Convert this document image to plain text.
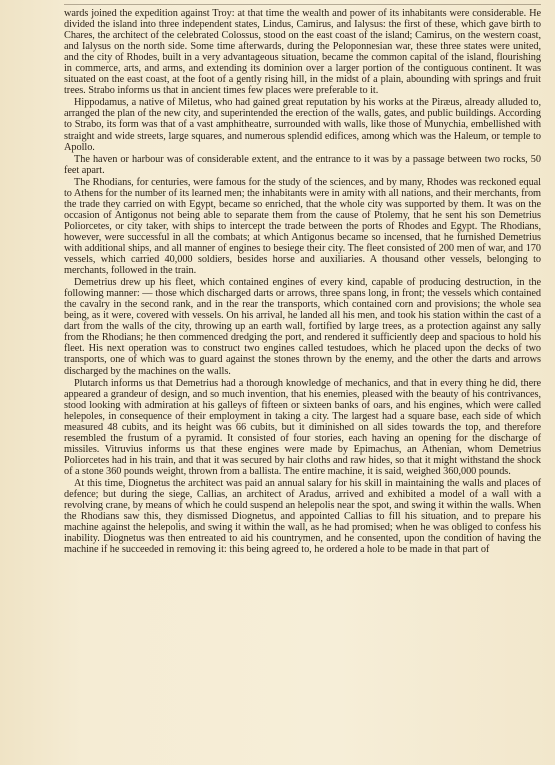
wards joined the expedition against Troy: at that time the wealth and power of its inhabitants were considerable. He divided the island into three independent states, Lindus, Camirus, and Ialysus: the first of these, which gave birth to Chares, the architect of the celebrated Colossus, stood on the east coast of the island; Camirus, on the western coast, and Ialysus on the north side. Some time afterwards, during the Peloponnesian war, these three states were united, and the city of Rhodes, built in a very advantageous situation, became the common capital of the island, flourishing in commerce, arts, and arms, and extending its dominion over a larger portion of the contiguous continent. It was situated on the east coast, at the foot of a gently rising hill, in the midst of a plain, abounding with springs and fruit trees. Strabo informs us that in ancient times few places were preferable to it.

Hippodamus, a native of Miletus, who had gained great reputation by his works at the Piræus, already alluded to, arranged the plan of the new city, and superintended the erection of the walls, gates, and public buildings. According to Strabo, its form was that of a vast amphitheatre, surrounded with walls, like those of Munychia, embellished with straight and wide streets, large squares, and numerous splendid edifices, among which was the Haleum, or temple to Apollo.

The haven or harbour was of considerable extent, and the entrance to it was by a passage between two rocks, 50 feet apart.

The Rhodians, for centuries, were famous for the study of the sciences, and by many, Rhodes was reckoned equal to Athens for the number of its learned men; the inhabitants were in amity with all nations, and their merchants, from the trade they carried on with Egypt, became so enriched, that the whole city was supported by them. It was on the occasion of Antigonus not being able to separate them from the cause of Ptolemy, that he sent his son Demetrius Poliorcetes, or city taker, with ships to intercept the trade between the ports of Rhodes and Egypt. The Rhodians, however, were successful in all the combats; at which Antigonus became so incensed, that he furnished Demetrius with additional ships, and all manner of engines to besiege their city. The fleet consisted of 200 men of war, and 170 vessels, which carried 40,000 soldiers, besides horse and auxiliaries. A thousand other vessels, belonging to merchants, followed in the train.

Demetrius drew up his fleet, which contained engines of every kind, capable of producing destruction, in the following manner: — those which discharged darts or arrows, three spans long, in front; the vessels which contained the cavalry in the second rank, and in the rear the transports, which contained corn and provisions; the whole sea being, as it were, covered with vessels. On his arrival, he landed all his men, and took his station within the cast of a dart from the walls of the city, throwing up an earth wall, fortified by large trees, as a protection against any sally from the Rhodians; he then commenced dredging the port, and rendered it sufficiently deep and spacious to hold his fleet. His next operation was to construct two engines called testudoes, which he placed upon the decks of two transports, one of which was to guard against the stones thrown by the enemy, and the other the darts and arrows discharged by the machines on the walls.

Plutarch informs us that Demetrius had a thorough knowledge of mechanics, and that in every thing he did, there appeared a grandeur of design, and so much invention, that his enemies, pleased with the beauty of his contrivances, stood looking with admiration at his galleys of fifteen or sixteen banks of oars, and his engines, which were called helepoles, in consequence of their employment in taking a city. The largest had a square base, each side of which measured 48 cubits, and its height was 66 cubits, but it diminished on all sides towards the top, and therefore resembled the frustum of a pyramid. It consisted of four stories, each having an opening for the discharge of missiles. Vitruvius informs us that these engines were made by Epimachus, an Athenian, whom Demetrius Poliorcetes had in his train, and that it was secured by hair cloths and raw hides, so that it might withstand the shock of a stone 360 pounds weight, thrown from a ballista. The entire machine, it is said, weighed 360,000 pounds.

At this time, Diognetus the architect was paid an annual salary for his skill in maintaining the walls and places of defence; but during the siege, Callias, an architect of Aradus, arrived and exhibited a model of a wall with a revolving crane, by means of which he could suspend an helepolis near the spot, and swing it within the walls. When the Rhodians saw this, they dismissed Diognetus, and appointed Callias to fill his situation, and to prepare his machine against the helepolis, and swing it within the wall, as he had promised; when he was obliged to confess his inability. Diognetus was then entreated to aid his countrymen, and he consented, upon the condition of having the machine if he succeeded in removing it: this being agreed to, he ordered a hole to be made in that part of
